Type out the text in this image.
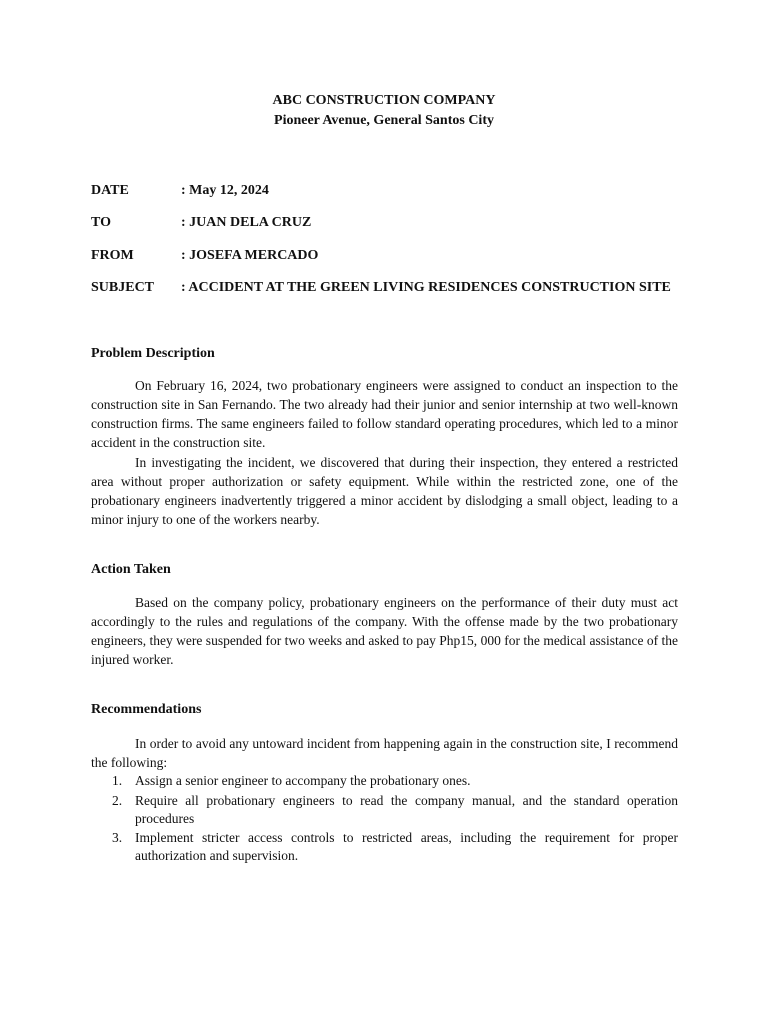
ABC CONSTRUCTION COMPANY
Pioneer Avenue, General Santos City
DATE	: May 12, 2024
TO	: JUAN DELA CRUZ
FROM	: JOSEFA MERCADO
SUBJECT : ACCIDENT AT THE GREEN LIVING RESIDENCES CONSTRUCTION SITE
Problem Description

On February 16, 2024, two probationary engineers were assigned to conduct an inspection to the construction site in San Fernando. The two already had their junior and senior internship at two well-known construction firms. The same engineers failed to follow standard operating procedures, which led to a minor accident in the construction site.

In investigating the incident, we discovered that during their inspection, they entered a restricted area without proper authorization or safety equipment. While within the restricted zone, one of the probationary engineers inadvertently triggered a minor accident by dislodging a small object, leading to a minor injury to one of the workers nearby.

Action Taken

Based on the company policy, probationary engineers on the performance of their duty must act accordingly to the rules and regulations of the company. With the offense made by the two probationary engineers, they were suspended for two weeks and asked to pay Php15, 000 for the medical assistance of the injured worker.

Recommendations

In order to avoid any untoward incident from happening again in the construction site, I recommend the following:

1. Assign a senior engineer to accompany the probationary ones.
2. Require all probationary engineers to read the company manual, and the standard operation procedures
3. Implement stricter access controls to restricted areas, including the requirement for proper authorization and supervision.
